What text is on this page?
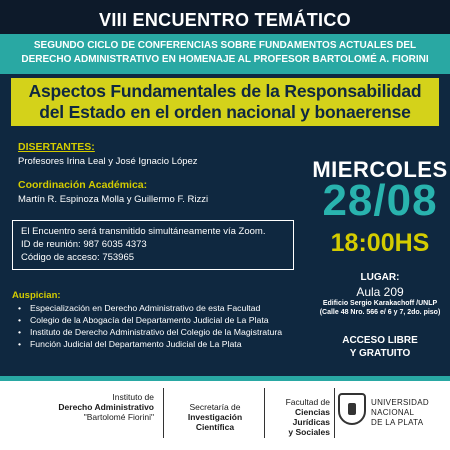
VIII ENCUENTRO TEMÁTICO
SEGUNDO CICLO DE CONFERENCIAS SOBRE FUNDAMENTOS ACTUALES DEL
DERECHO ADMINISTRATIVO EN HOMENAJE AL PROFESOR BARTOLOMÉ A. FIORINI
Aspectos Fundamentales de la Responsabilidad
del Estado en el orden nacional y bonaerense
DISERTANTES:
Profesores Irina Leal y José Ignacio López
Coordinación Académica:
Martín R. Espinoza Molla y Guillermo F. Rizzi
El Encuentro será transmitido simultáneamente vía Zoom.
ID de reunión: 987 6035 4373
Código de acceso: 753965
Auspician:
• Especialización en Derecho Administrativo de esta Facultad
• Colegio de la Abogacía del Departamento Judicial de La Plata
• Instituto de Derecho Administrativo del Colegio de la Magistratura
• Función Judicial del Departamento Judicial de La Plata
MIERCOLES
28/08
18:00HS
LUGAR:
Aula 209
Edificio Sergio Karakachoff /UNLP
(Calle 48 Nro. 566 e/ 6 y 7, 2do. piso)
ACCESO LIBRE
Y GRATUITO
Instituto de
Derecho Administrativo
"Bartolomé Fiorini"
Secretaría de
Investigación Científica
Facultad de
Ciencias Jurídicas
y Sociales
UNIVERSIDAD
NACIONAL
DE LA PLATA
